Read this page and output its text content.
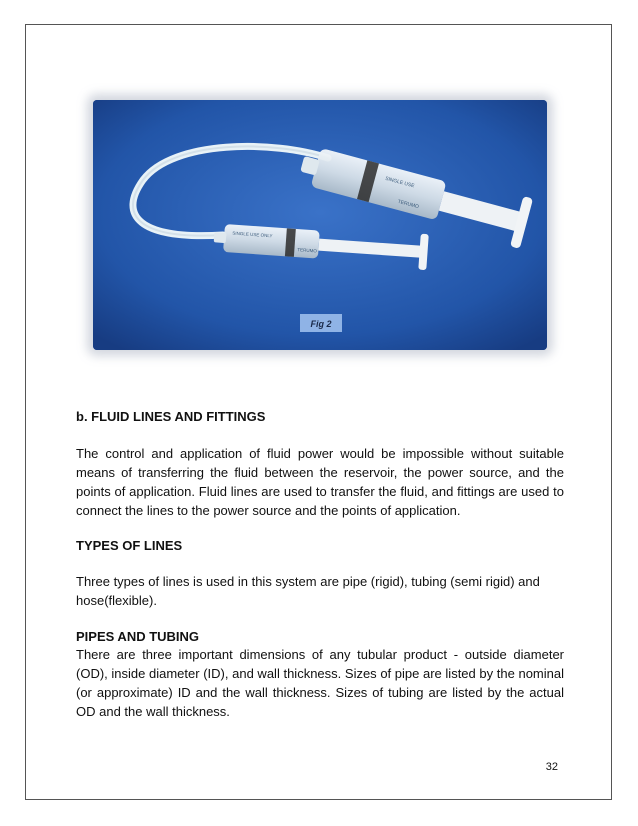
SINGLE USE
TERUMO
SINGLE USE ONLY
TERUMO
Fig 2

b. FLUID LINES AND FITTINGS

The control and application of fluid power would be impossible without suitable means of transferring the fluid between the reservoir, the power source, and the points of application. Fluid lines are used to transfer the fluid, and fittings are used to connect the lines to the power source and the points of application.

TYPES OF LINES

Three types of lines is used in this system are pipe (rigid), tubing (semi rigid) and hose(flexible).

PIPES AND TUBING

There are three important dimensions of any tubular product - outside diameter (OD), inside diameter (ID), and wall thickness. Sizes of pipe are listed by the nominal (or approximate) ID and the wall thickness. Sizes of tubing are listed by the actual OD and the wall thickness.

32
